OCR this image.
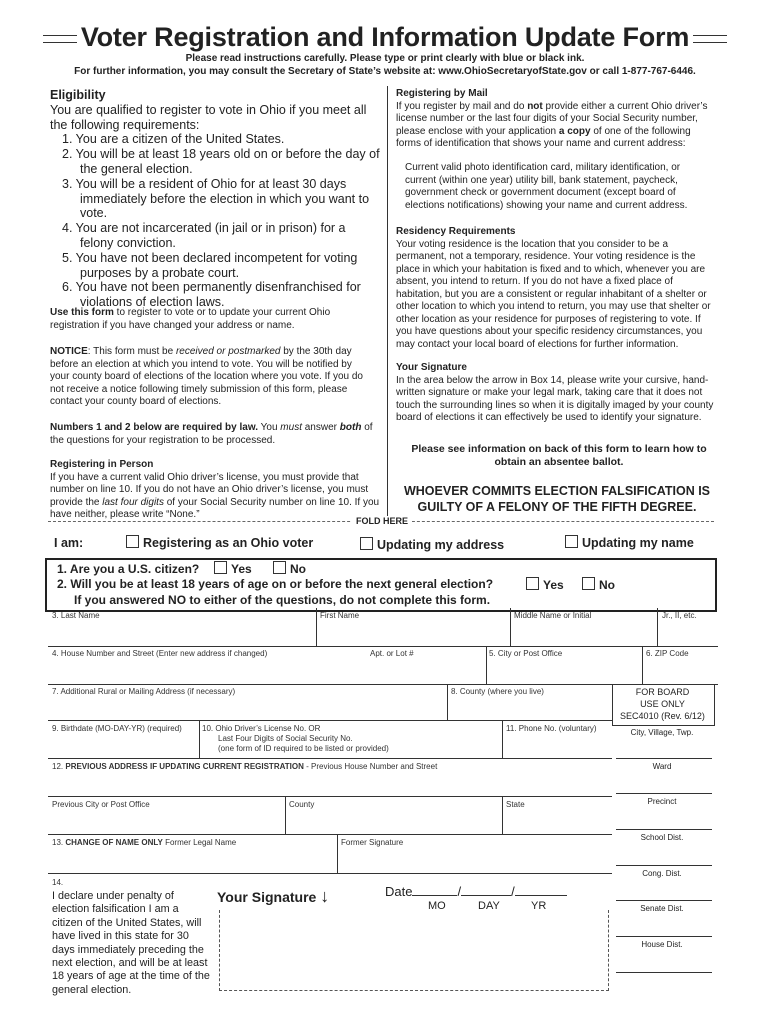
Voter Registration and Information Update Form
Please read instructions carefully. Please type or print clearly with blue or black ink.
For further information, you may consult the Secretary of State’s website at: www.OhioSecretaryofState.gov or call 1-877-767-6446.
Eligibility
You are qualified to register to vote in Ohio if you meet all the following requirements:
1. You are a citizen of the United States.
2. You will be at least 18 years old on or before the day of the general election.
3. You will be a resident of Ohio for at least 30 days immediately before the election in which you want to vote.
4. You are not incarcerated (in jail or in prison) for a felony conviction.
5. You have not been declared incompetent for voting purposes by a probate court.
6. You have not been permanently disenfranchised for violations of election laws.
Use this form to register to vote or to update your current Ohio registration if you have changed your address or name.
NOTICE: This form must be received or postmarked by the 30th day before an election at which you intend to vote. You will be notified by your county board of elections of the location where you vote. If you do not receive a notice following timely submission of this form, please contact your county board of elections.
Numbers 1 and 2 below are required by law. You must answer both of the questions for your registration to be processed.
Registering in Person
If you have a current valid Ohio driver’s license, you must provide that number on line 10. If you do not have an Ohio driver’s license, you must provide the last four digits of your Social Security number on line 10. If you have neither, please write “None.”
Registering by Mail
If you register by mail and do not provide either a current Ohio driver’s license number or the last four digits of your Social Security number, please enclose with your application a copy of one of the following forms of identification that shows your name and current address:
Current valid photo identification card, military identification, or current (within one year) utility bill, bank statement, paycheck, government check or government document (except board of elections notifications) showing your name and current address.
Residency Requirements
Your voting residence is the location that you consider to be a permanent, not a temporary, residence. Your voting residence is the place in which your habitation is fixed and to which, whenever you are absent, you intend to return. If you do not have a fixed place of habitation, but you are a consistent or regular inhabitant of a shelter or other location to which you intend to return, you may use that shelter or other location as your residence for purposes of registering to vote. If you have questions about your specific residency circumstances, you may contact your local board of elections for further information.
Your Signature
In the area below the arrow in Box 14, please write your cursive, hand-written signature or make your legal mark, taking care that it does not touch the surrounding lines so when it is digitally imaged by your county board of elections it can effectively be used to identify your signature.
Please see information on back of this form to learn how to obtain an absentee ballot.
WHOEVER COMMITS ELECTION FALSIFICATION IS GUILTY OF A FELONY OF THE FIFTH DEGREE.
FOLD HERE
I am:	Registering as an Ohio voter	Updating my address	Updating my name
1. Are you a U.S. citizen?	Yes	No
2. Will you be at least 18 years of age on or before the next general election?	Yes	No
If you answered NO to either of the questions, do not complete this form.
3. Last Name	First Name	Middle Name or Initial	Jr., II, etc.
4. House Number and Street (Enter new address if changed)	Apt. or Lot #	5. City or Post Office	6. ZIP Code
7. Additional Rural or Mailing Address (if necessary)	8. County (where you live)
9. Birthdate (MO-DAY-YR) (required)	10. Ohio Driver’s License No. OR
Last Four Digits of Social Security No.
(one form of ID required to be listed or provided)
11. Phone No. (voluntary)
12. PREVIOUS ADDRESS IF UPDATING CURRENT REGISTRATION - Previous House Number and Street
Previous City or Post Office	County	State
13. CHANGE OF NAME ONLY Former Legal Name	Former Signature
14.
I declare under penalty of election falsification I am a citizen of the United States, will have lived in this state for 30 days immediately preceding the next election, and will be at least 18 years of age at the time of the general election.
Your Signature ↓	Date	/	/
MO	DAY	YR
FOR BOARD
USE ONLY
SEC4010 (Rev. 6/12)
City, Village, Twp.
Ward
Precinct
School Dist.
Cong. Dist.
Senate Dist.
House Dist.
